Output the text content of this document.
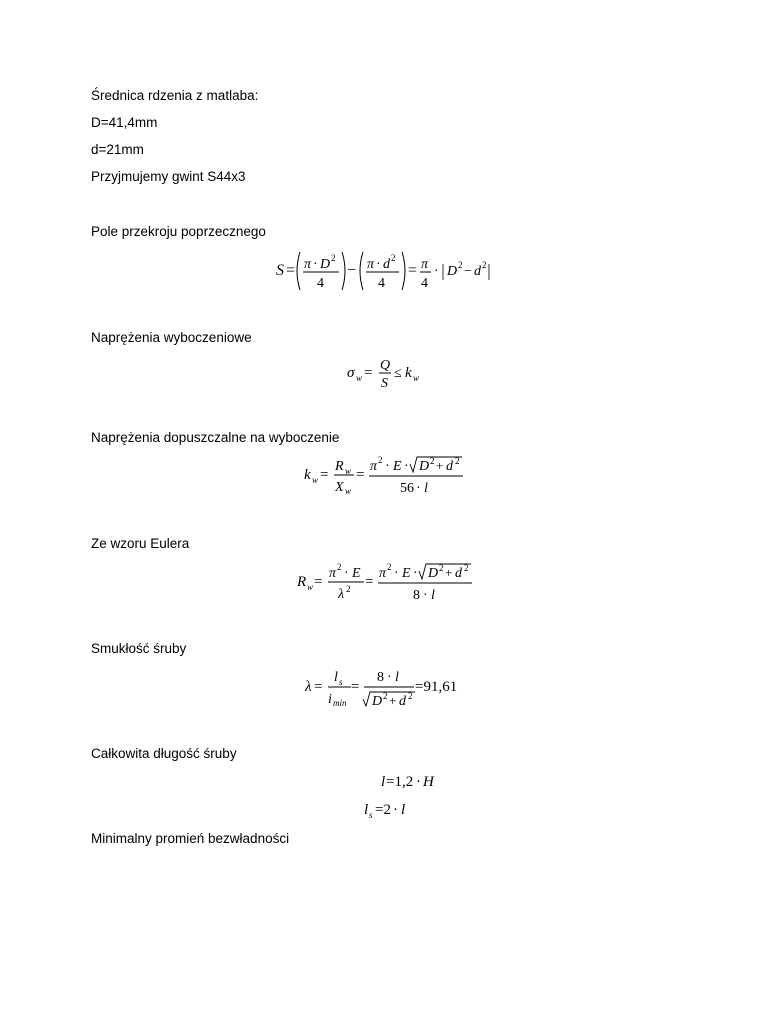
Średnica rdzenia z matlaba:
D=41,4mm
d=21mm
Przyjmujemy gwint S44x3
Pole przekroju poprzecznego
S = π · D 2
4
− π · d 2
4
= π
4
· D 2 − d 2
Naprężenia wyboczeniowe
σ w = Q
S
≤ k w
Naprężenia dopuszczalne na wyboczenie
k w =
R w
X w
=
π 2 · E · D 2 + d 2
56 · l
Ze wzoru Eulera
R w =
π 2 · E
λ 2 =
π 2 · E · D 2 + d 2
8 · l
Smukłość śruby
λ =
l s
i min
=
8 · l
D 2 + d 2
=91,61
Całkowita długość śruby
l =1,2 · H
l s =2 · l
Minimalny promień bezwładności
